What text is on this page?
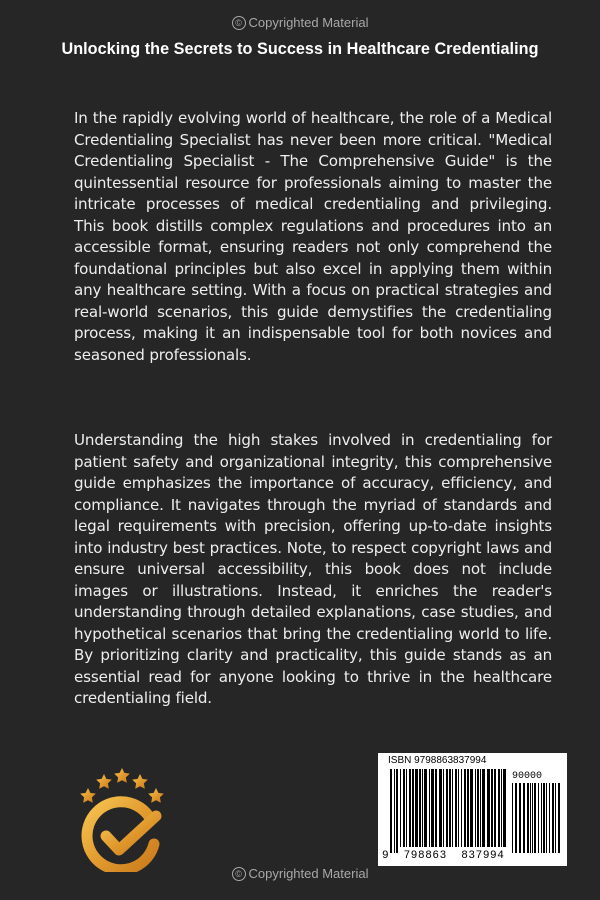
© Copyrighted Material
Unlocking the Secrets to Success in Healthcare Credentialing

In the rapidly evolving world of healthcare, the role of a Medical Credentialing Specialist has never been more critical. "Medical Credentialing Specialist - The Comprehensive Guide" is the quintessential resource for professionals aiming to master the intricate processes of medical credentialing and privileging. This book distills complex regulations and procedures into an accessible format, ensuring readers not only comprehend the foundational principles but also excel in applying them within any healthcare setting. With a focus on practical strategies and real-world scenarios, this guide demystifies the credentialing process, making it an indispensable tool for both novices and seasoned professionals.

Understanding the high stakes involved in credentialing for patient safety and organizational integrity, this comprehensive guide emphasizes the importance of accuracy, efficiency, and compliance. It navigates through the myriad of standards and legal requirements with precision, offering up-to-date insights into industry best practices. Note, to respect copyright laws and ensure universal accessibility, this book does not include images or illustrations. Instead, it enriches the reader's understanding through detailed explanations, case studies, and hypothetical scenarios that bring the credentialing world to life. By prioritizing clarity and practicality, this guide stands as an essential read for anyone looking to thrive in the healthcare credentialing field.

ISBN 9798863837994
90000
9  798863  837994
© Copyrighted Material
